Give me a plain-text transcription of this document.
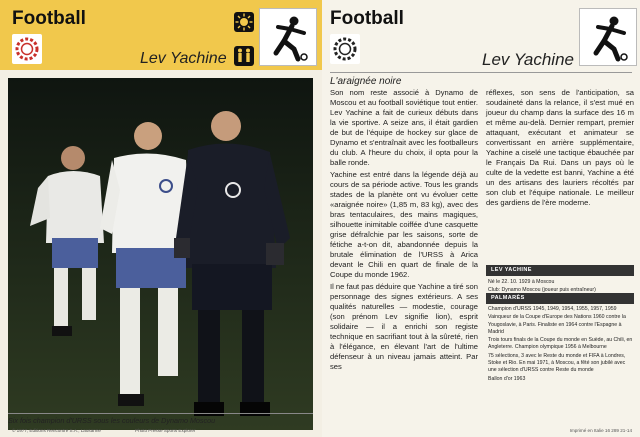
Football
Lev Yachine
Six fois champion d'URSS sous les couleurs de Dynamo Moscou
© 1977, Editions Rencontre S.A., Lausanne	Photo Presse Sports Explorer
Football
Lev Yachine
L'araignée noire

Son nom reste associé à Dynamo de Moscou et au football soviétique tout entier. Lev Yachine a fait de curieux débuts dans la vie sportive. A seize ans, il était gardien de but de l'équipe de hockey sur glace de Dynamo et s'entraînait avec les footballeurs du club. A l'heure du choix, il opta pour la balle ronde.

Yachine est entré dans la légende déjà au cours de sa période active. Tous les grands stades de la planète ont vu évoluer cette «araignée noire» (1,85 m, 83 kg), avec des bras tentaculaires, des mains magiques, silhouette inimitable coiffée d'une casquette grise défraîchie par les saisons, sorte de fétiche a-t-on dit, abandonnée depuis la brutale élimination de l'URSS à Arica devant le Chili en quart de finale de la Coupe du monde 1962.

Il ne faut pas déduire que Yachine a tiré son personnage des signes extérieurs. A ses qualités naturelles — modestie, courage (son prénom Lev signifie lion), esprit solidaire — il a enrichi son registe technique en sacrifiant tout à la sûreté, rien à l'élégance, en élevant l'art de l'ultime défenseur à un niveau jamais atteint. Par ses

réflexes, son sens de l'anticipation, sa soudaineté dans la relance, il s'est mué en joueur du champ dans la surface des 16 m et même au-delà. Dernier rempart, premier attaquant, exécutant et animateur se convertissant en arrière supplémentaire, Yachine a ciselé une tactique ébauchée par le Français Da Rui. Dans un pays où le culte de la vedette est banni, Yachine a été un des artisans des lauriers récoltés par son club et l'équipe nationale. Le meilleur des gardiens de l'ère moderne.

LEV YACHINE
Né le 22. 10. 1929 à Moscou
Club: Dynamo Moscou (joueur puis entraîneur)
PALMARÈS

Champion d'URSS 1945, 1949, 1954, 1955, 1957, 1959

Vainqueur de la Coupe d'Europe des Nations 1960 contre la Yougoslavie, à Paris. Finaliste en 1964 contre l'Espagne à Madrid

Trois tours finals de la Coupe du monde en Suède, au Chili, en Angleterre. Champion olympique 1956 à Melbourne

75 sélections, 3 avec le Reste du monde et FIFA à Londres, Stoke et Rio. En mai 1971, à Moscou, a fêté son jubilé avec une sélection d'URSS contre Reste du monde

Ballon d'or 1963

Imprimé en Italie 16 289 21-14
